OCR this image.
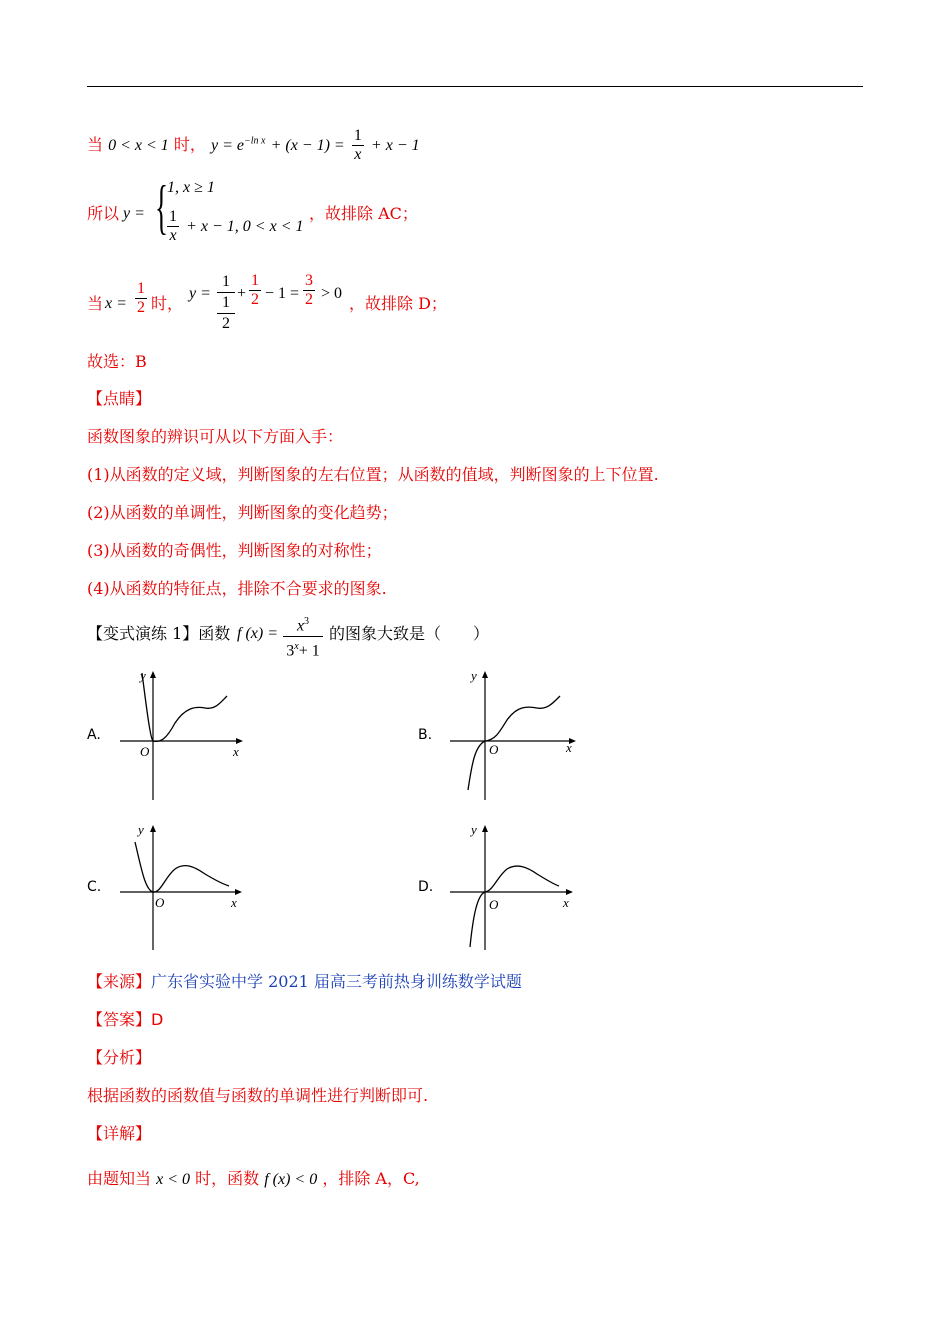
当 0 < x < 1 时， $y = e^{-ln x} + (x - 1) = \frac{1}{x} + x - 1$
所以 y = { 1, x ≥ 1
$\frac{1}{x} + x - 1$, 0 < x < 1
，故排除 AC；
当 $x = \frac{1}{2}$ 时，
y =
1
1
2
+ $\frac{1}{2} - 1 = \frac{3}{2} > 0$
，故排除 D；
故选：B
【点睛】
函数图象的辨识可从以下方面入手：
(1)从函数的定义域，判断图象的左右位置；从函数的值域，判断图象的上下位置.
(2)从函数的单调性，判断图象的变化趋势；
(3)从函数的奇偶性，判断图象的对称性；
(4)从函数的特征点，排除不合要求的图象.
【变式演练 1】函数 f (x) =	$x^3$
$3^x+ 1$
的图象大致是（　　）
A.	B.
C.	D.
y
x
O
y
x
O
y
x
O
y
x
O
【来源】广东省实验中学 2021 届高三考前热身训练数学试题
【答案】D
【分析】
根据函数的函数值与函数的单调性进行判断即可.
【详解】
由题知当 x < 0 时，函数 f (x) < 0 ，排除 A，C,
